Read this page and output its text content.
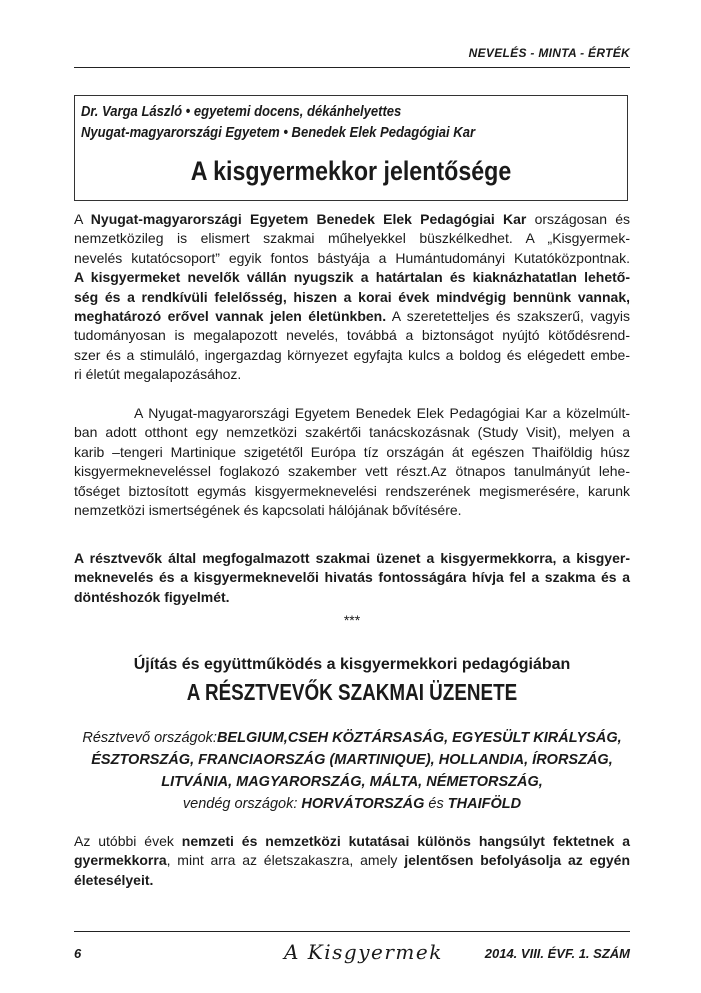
NEVELÉS - MINTA - ÉRTÉK
Dr. Varga László • egyetemi docens, dékánhelyettes
Nyugat-magyarországi Egyetem • Benedek Elek Pedagógiai Kar
A kisgyermekkor jelentősége
A Nyugat-magyarországi Egyetem Benedek Elek Pedagógiai Kar országosan és
nemzetközileg is elismert szakmai műhelyekkel büszkélkedhet. A „Kisgyermek-
nevelés kutatócsoport” egyik fontos bástyája a Humántudományi Kutatóközpontnak.
A kisgyermeket nevelők vállán nyugszik a határtalan és kiaknázhatatlan lehető-
ség és a rendkívüli felelősség, hiszen a korai évek mindvégig bennünk vannak,
meghatározó erővel vannak jelen életünkben. A szeretetteljes és szakszerű, vagyis
tudományosan is megalapozott nevelés, továbbá a biztonságot nyújtó kötődésrend-
szer és a stimuláló, ingergazdag környezet egyfajta kulcs a boldog és elégedett embe-
ri életút megalapozásához.
A Nyugat-magyarországi Egyetem Benedek Elek Pedagógiai Kar a közelmúlt-
ban adott otthont egy nemzetközi szakértői tanácskozásnak (Study Visit), melyen a
karib –tengeri Martinique szigetétől Európa tíz országán át egészen Thaiföldig húsz
kisgyermekneveléssel foglakozó szakember vett részt.Az ötnapos tanulmányút lehe-
tőséget biztosított egymás kisgyermeknevelési rendszerének megismerésére, karunk
nemzetközi ismertségének és kapcsolati hálójának bővítésére.
A résztvevők által megfogalmazott szakmai üzenet a kisgyermekkorra, a kisgyer-
meknevelés és a kisgyermeknevelői hivatás fontosságára hívja fel a szakma és a
döntéshozók figyelmét.
***
Újítás és együttműködés a kisgyermekkori pedagógiában
A RÉSZTVEVŐK SZAKMAI ÜZENETE
Résztvevő országok:BELGIUM,CSEH KÖZTÁRSASÁG, EGYESÜLT KIRÁLYSÁG,
ÉSZTORSZÁG, FRANCIAORSZÁG (MARTINIQUE), HOLLANDIA, ÍRORSZÁG,
LITVÁNIA, MAGYARORSZÁG, MÁLTA, NÉMETORSZÁG,
vendég országok: HORVÁTORSZÁG és THAIFÖLD
Az utóbbi évek nemzeti és nemzetközi kutatásai különös hangsúlyt fektetnek a
gyermekkorra, mint arra az életszakaszra, amely jelentősen befolyásolja az egyén
életesélyeit.
6	A Kisgyermek	2014. VIII. ÉVF. 1. SZÁM
